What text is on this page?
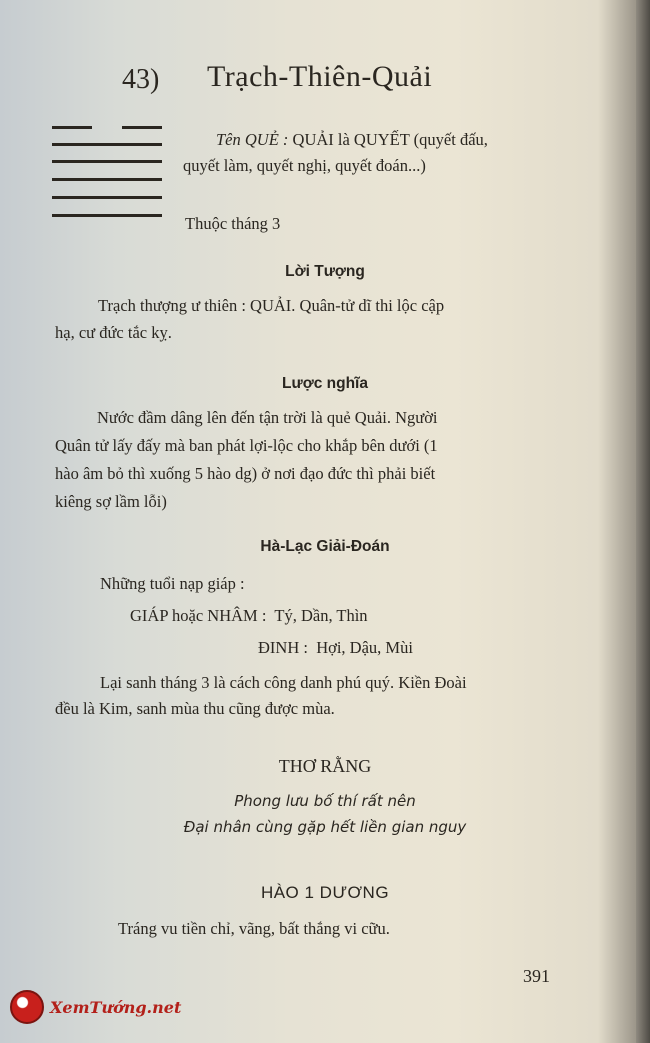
43) Trạch-Thiên-Quải
Tên QUẺ : QUẢI là QUYẾT (quyết đấu,
quyết làm, quyết nghị, quyết đoán...)
Thuộc tháng 3
Lời Tượng
Trạch thượng ư thiên : QUẢI. Quân-tử dĩ thi lộc cập
hạ, cư đức tắc kỵ.
Lược nghĩa
Nước đầm dâng lên đến tận trời là quẻ Quải. Người
Quân tử lấy đấy mà ban phát lợi-lộc cho khắp bên dưới (1
hào âm bỏ thì xuống 5 hào dg) ở nơi đạo đức thì phải biết
kiêng sợ lầm lỗi)
Hà-Lạc Giải-Đoán
Những tuổi nạp giáp :
GIÁP hoặc NHÂM : Tý, Dần, Thìn
ĐINH : Hợi, Dậu, Mùi
Lại sanh tháng 3 là cách công danh phú quý. Kiền Đoài
đều là Kim, sanh mùa thu cũng được mùa.
THƠ RẰNG
Phong lưu bố thí rất nên
Đại nhân cùng gặp hết liền gian nguy
HÀO 1 DƯƠNG
Tráng vu tiền chỉ, vãng, bất thắng vi cữu.
391
XemTướng.net
